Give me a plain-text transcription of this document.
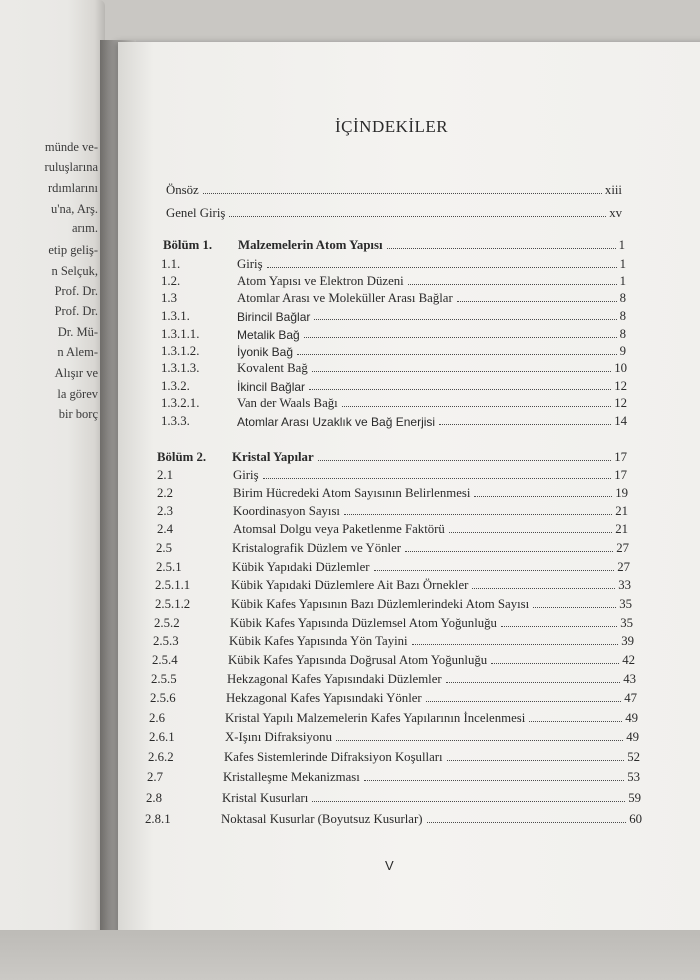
münde ve-
ruluşlarına
rdımlarını
u'na, Arş.
arım.
etip geliş-
n Selçuk,
Prof. Dr.
Prof. Dr.
Dr. Mü-
n Alem-
Alışır ve
la görev
bir borç
İÇİNDEKİLER
Önsöz	xiii
Genel Giriş	xv
Bölüm 1. Malzemelerin Atom Yapısı	1
1.1.	Giriş	1
1.2.	Atom Yapısı ve Elektron Düzeni	1
1.3	Atomlar Arası ve Moleküller Arası Bağlar	8
1.3.1.	Birincil Bağlar	8
1.3.1.1.	Metalik Bağ	8
1.3.1.2.	İyonik Bağ	9
1.3.1.3.	Kovalent Bağ	10
1.3.2.	İkincil Bağlar	12
1.3.2.1.	Van der Waals Bağı	12
1.3.3.	Atomlar Arası Uzaklık ve Bağ Enerjisi	14
Bölüm 2. Kristal Yapılar	17
2.1	Giriş	17
2.2	Birim Hücredeki Atom Sayısının Belirlenmesi	19
2.3	Koordinasyon Sayısı	21
2.4	Atomsal Dolgu veya Paketlenme Faktörü	21
2.5	Kristalografik Düzlem ve Yönler	27
2.5.1	Kübik Yapıdaki Düzlemler	27
2.5.1.1	Kübik Yapıdaki Düzlemlere Ait Bazı Örnekler	33
2.5.1.2	Kübik Kafes Yapısının Bazı Düzlemlerindeki Atom Sayısı	35
2.5.2	Kübik Kafes Yapısında Düzlemsel Atom Yoğunluğu	35
2.5.3	Kübik Kafes Yapısında Yön Tayini	39
2.5.4	Kübik Kafes Yapısında Doğrusal Atom Yoğunluğu	42
2.5.5	Hekzagonal Kafes Yapısındaki Düzlemler	43
2.5.6	Hekzagonal Kafes Yapısındaki Yönler	47
2.6	Kristal Yapılı Malzemelerin Kafes Yapılarının İncelenmesi	49
2.6.1	X-Işını Difraksiyonu	49
2.6.2	Kafes Sistemlerinde Difraksiyon Koşulları	52
2.7	Kristalleşme Mekanizması	53
2.8	Kristal Kusurları	59
2.8.1	Noktasal Kusurlar (Boyutsuz Kusurlar)	60
V
